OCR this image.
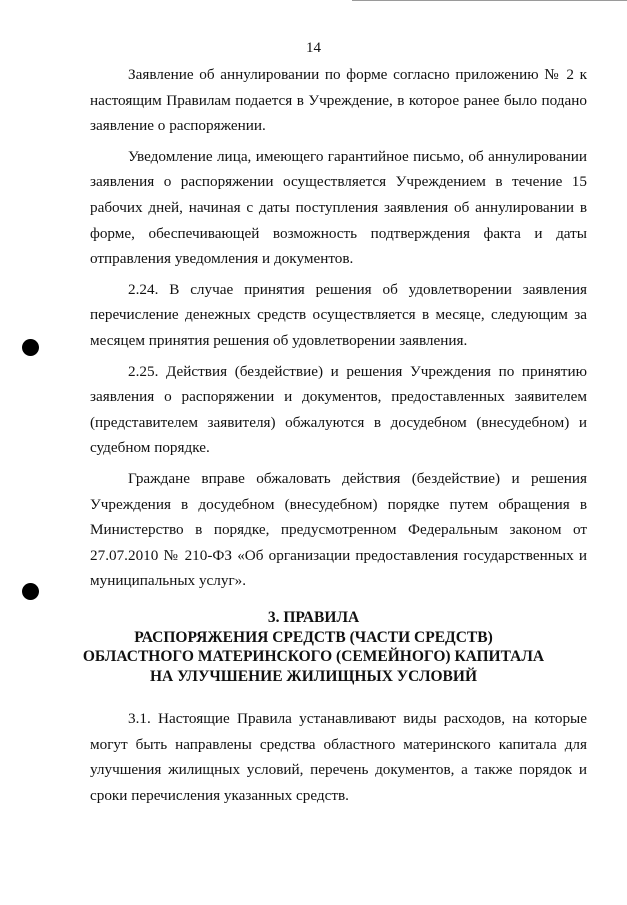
14

Заявление об аннулировании по форме согласно приложению № 2 к настоящим Правилам подается в Учреждение, в которое ранее было подано заявление о распоряжении.

Уведомление лица, имеющего гарантийное письмо, об аннулировании заявления о распоряжении осуществляется Учреждением в течение 15 рабочих дней, начиная с даты поступления заявления об аннулировании в форме, обеспечивающей возможность подтверждения факта и даты отправления уведомления и документов.

2.24. В случае принятия решения об удовлетворении заявления перечисление денежных средств осуществляется в месяце, следующим за месяцем принятия решения об удовлетворении заявления.

2.25. Действия (бездействие) и решения Учреждения по принятию заявления о распоряжении и документов, предоставленных заявителем (представителем заявителя) обжалуются в досудебном (внесудебном) и судебном порядке.

Граждане вправе обжаловать действия (бездействие) и решения Учреждения в досудебном (внесудебном) порядке путем обращения в Министерство в порядке, предусмотренном Федеральным законом от 27.07.2010 № 210-ФЗ «Об организации предоставления государственных и муниципальных услуг».

3. ПРАВИЛА
РАСПОРЯЖЕНИЯ СРЕДСТВ (ЧАСТИ СРЕДСТВ)
ОБЛАСТНОГО МАТЕРИНСКОГО (СЕМЕЙНОГО) КАПИТАЛА
НА УЛУЧШЕНИЕ ЖИЛИЩНЫХ УСЛОВИЙ

3.1. Настоящие Правила устанавливают виды расходов, на которые могут быть направлены средства областного материнского капитала для улучшения жилищных условий, перечень документов, а также порядок и сроки перечисления указанных средств.
